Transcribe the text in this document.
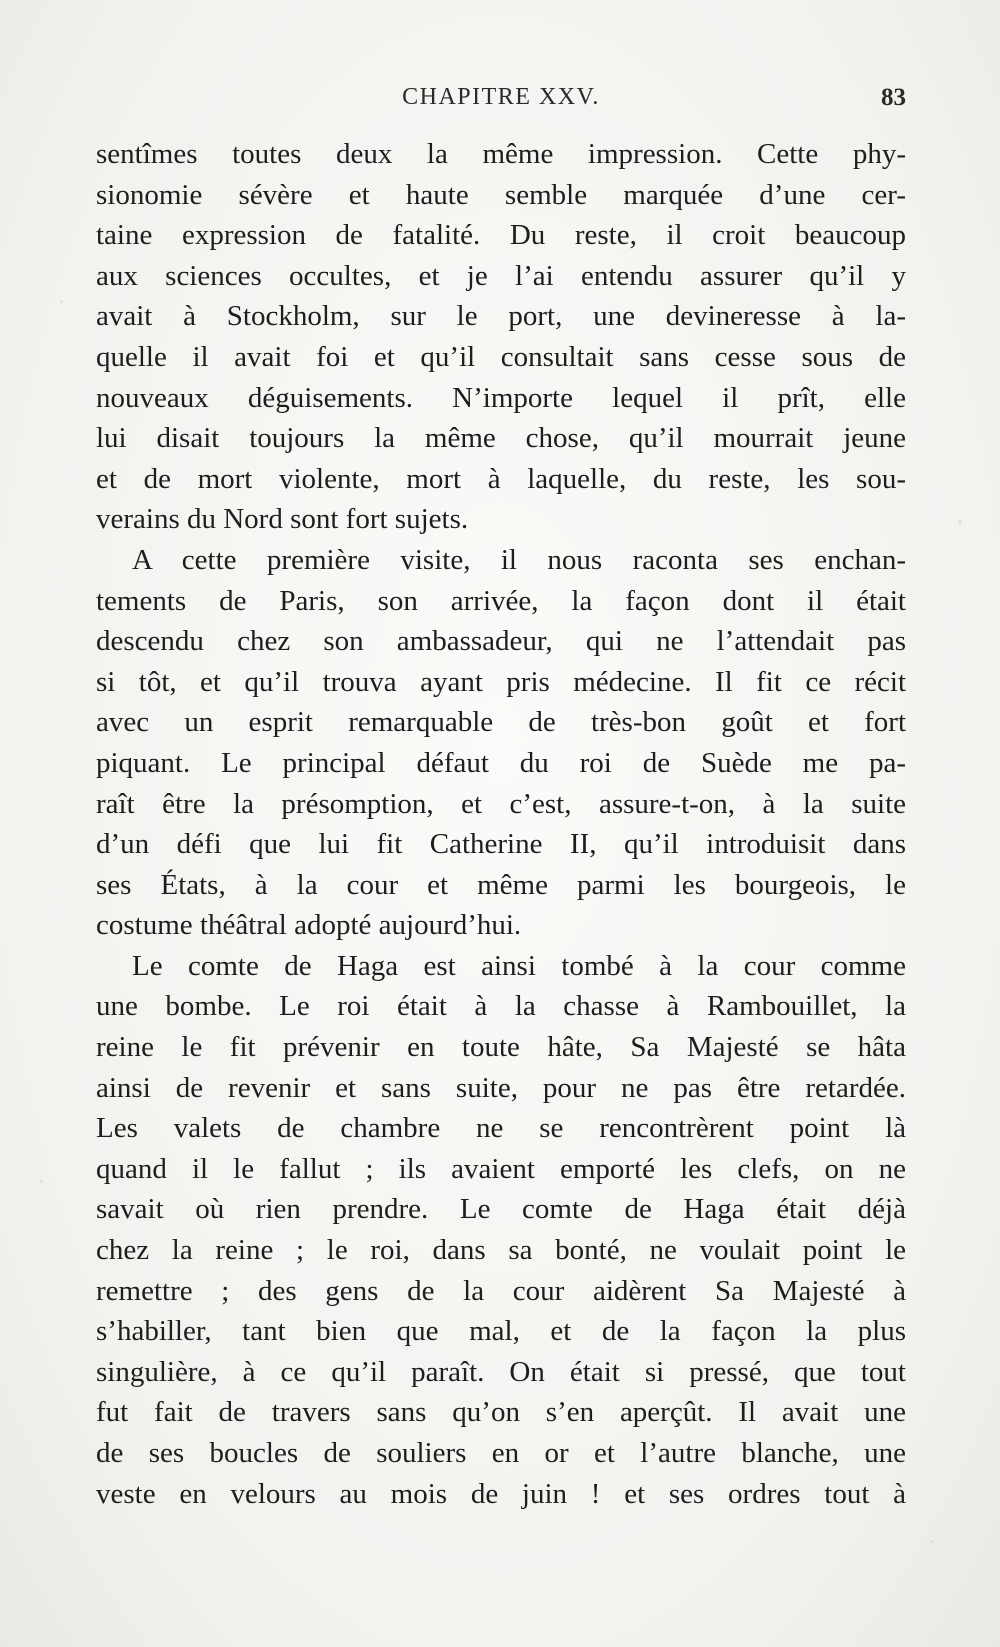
CHAPITRE XXV.	83
sentîmes toutes deux la même impression. Cette phy-
sionomie sévère et haute semble marquée d’une cer-
taine expression de fatalité. Du reste, il croit beaucoup
aux sciences occultes, et je l’ai entendu assurer qu’il y
avait à Stockholm, sur le port, une devineresse à la-
quelle il avait foi et qu’il consultait sans cesse sous de
nouveaux déguisements. N’importe lequel il prît, elle
lui disait toujours la même chose, qu’il mourrait jeune
et de mort violente, mort à laquelle, du reste, les sou-
verains du Nord sont fort sujets.
A cette première visite, il nous raconta ses enchan-
tements de Paris, son arrivée, la façon dont il était
descendu chez son ambassadeur, qui ne l’attendait pas
si tôt, et qu’il trouva ayant pris médecine. Il fit ce récit
avec un esprit remarquable de très-bon goût et fort
piquant. Le principal défaut du roi de Suède me pa-
raît être la présomption, et c’est, assure-t-on, à la suite
d’un défi que lui fit Catherine II, qu’il introduisit dans
ses États, à la cour et même parmi les bourgeois, le
costume théâtral adopté aujourd’hui.
Le comte de Haga est ainsi tombé à la cour comme
une bombe. Le roi était à la chasse à Rambouillet, la
reine le fit prévenir en toute hâte, Sa Majesté se hâta
ainsi de revenir et sans suite, pour ne pas être retardée.
Les valets de chambre ne se rencontrèrent point là
quand il le fallut ; ils avaient emporté les clefs, on ne
savait où rien prendre. Le comte de Haga était déjà
chez la reine ; le roi, dans sa bonté, ne voulait point le
remettre ; des gens de la cour aidèrent Sa Majesté à
s’habiller, tant bien que mal, et de la façon la plus
singulière, à ce qu’il paraît. On était si pressé, que tout
fut fait de travers sans qu’on s’en aperçût. Il avait une
de ses boucles de souliers en or et l’autre blanche, une
veste en velours au mois de juin ! et ses ordres tout à
